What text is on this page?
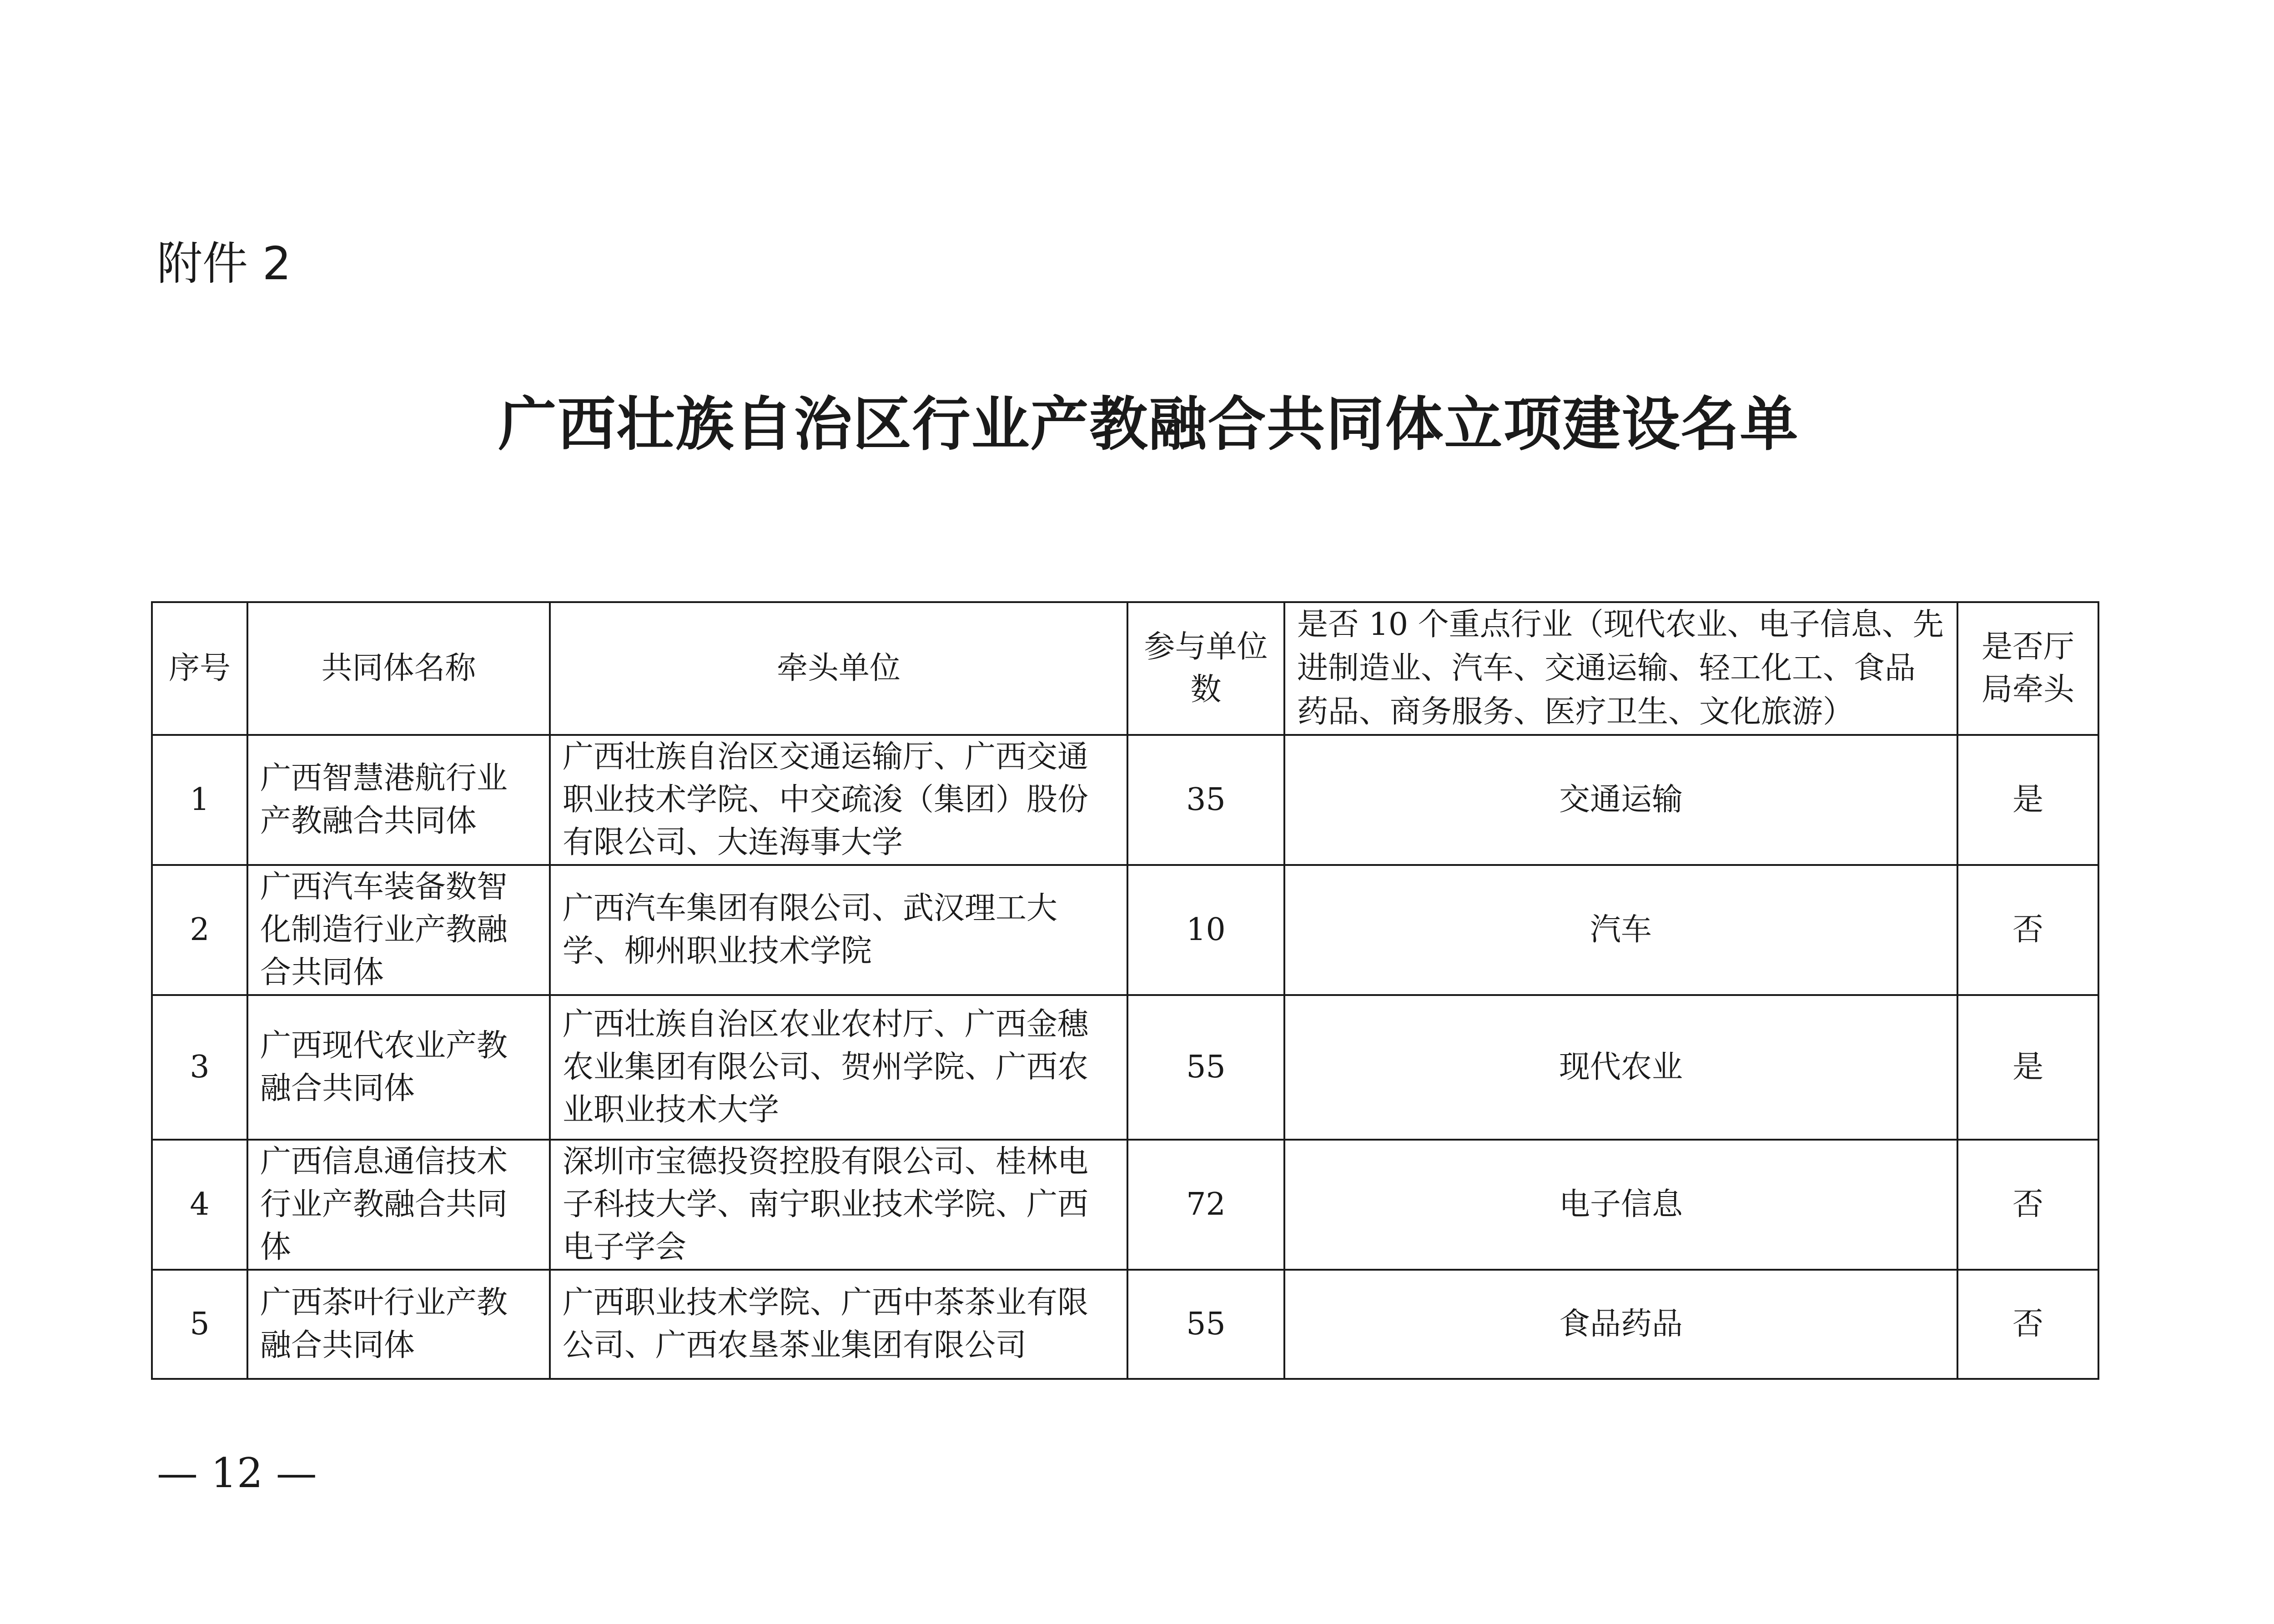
附件 2
广西壮族自治区行业产教融合共同体立项建设名单
序号	共同体名称	牵头单位	参与单位数	是否 10 个重点行业（现代农业、电子信息、先进制造业、汽车、交通运输、轻工化工、食品药品、商务服务、医疗卫生、文化旅游）	是否厅局牵头
1	广西智慧港航行业产教融合共同体	广西壮族自治区交通运输厅、广西交通职业技术学院、中交疏浚（集团）股份有限公司、大连海事大学	35	交通运输	是
2	广西汽车装备数智化制造行业产教融合共同体	广西汽车集团有限公司、武汉理工大学、柳州职业技术学院	10	汽车	否
3	广西现代农业产教融合共同体	广西壮族自治区农业农村厅、广西金穗农业集团有限公司、贺州学院、广西农业职业技术大学	55	现代农业	是
4	广西信息通信技术行业产教融合共同体	深圳市宝德投资控股有限公司、桂林电子科技大学、南宁职业技术学院、广西电子学会	72	电子信息	否
5	广西茶叶行业产教融合共同体	广西职业技术学院、广西中茶茶业有限公司、广西农垦茶业集团有限公司	55	食品药品	否
— 12 —
